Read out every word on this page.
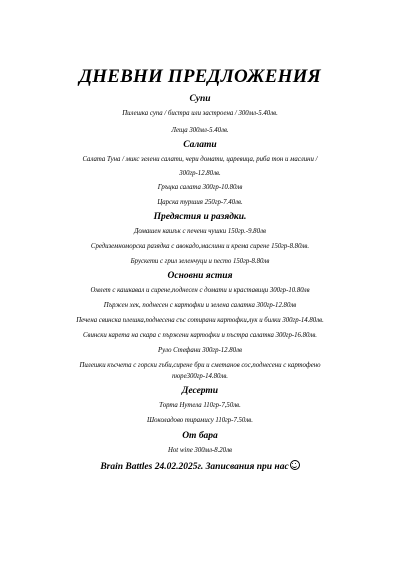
ДНЕВНИ ПРЕДЛОЖЕНИЯ
Супи
Пилешка супа / бистра или застроена / 300мл-5.40лв.
Леща 300мл-5.40лв.
Салати
Салата Туна / микс зелени салати, чери домати, царевица, риба тон и маслини /
300гр-12.80лв.
Гръцка салата 300гр-10.80лв
Царска туршия 250гр-7.40лв.
Предястия и разядки.
Домашен кашък с печени чушки 150гр.-9.80лв
Средиземноморска разядка с авокадо,маслини и крема сирене 150гр-8.80лв.
Брускети с грил зеленчуци и песто 150гр-8.80лв
Основни ястия
Омлет с кашкавал и сирене,поднесен с домати и краставици 300гр-10.80лв
Пържен хек, поднесен с картофки и зелена салатка 300гр-12.80лв
Печена свинска плешка,поднесена със сотирани картофки,лук и билки 300гр-14.80лв.
Свински карета на скара с пържени картофки и пъстра салатка 300гр-16.80лв.
Руло Стефани 300гр-12.80лв
Пилешки късчета с горски гъби,сирене бри и сметанов сос,поднесени с картофено
пюре300гр-14.80лв.
Десерти
Торта Нутела 110гр-7,50лв.
Шоколадово тирамису 110гр-7.50лв.
От бара
Hot wine 300мл-8.20лв
Brain Battles 24.02.2025г. Записвания при нас
